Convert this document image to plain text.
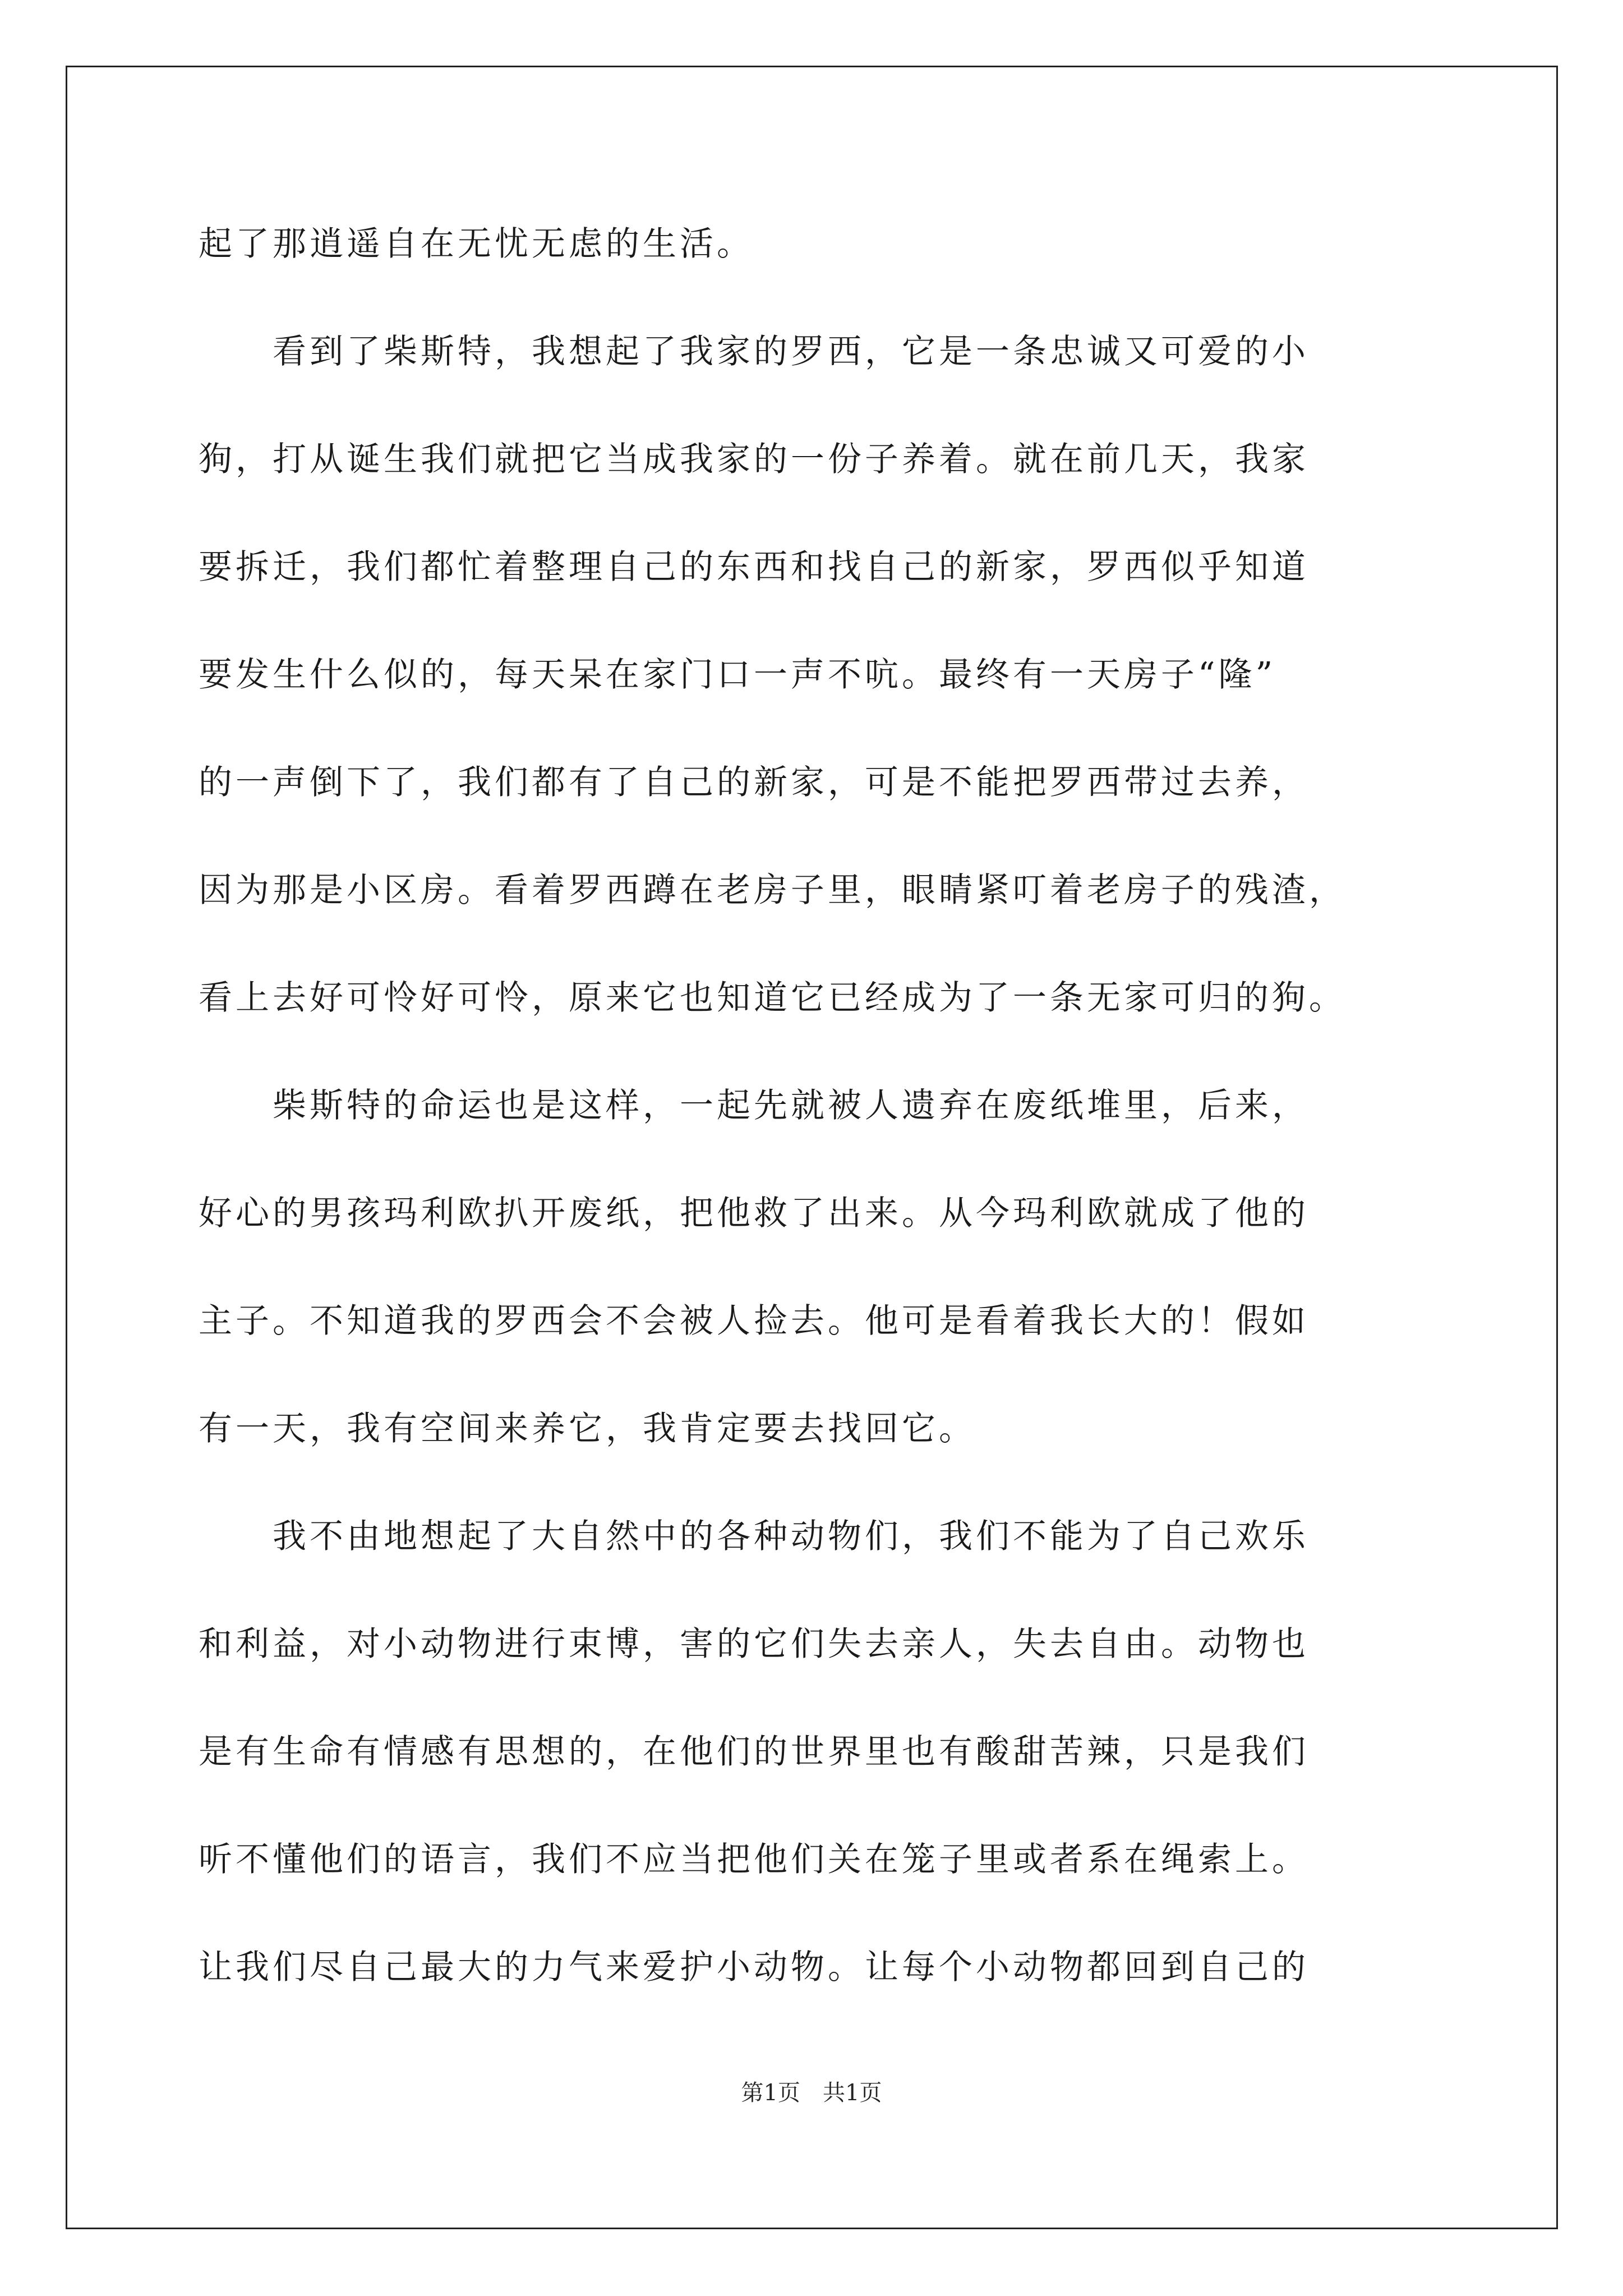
起了那逍遥自在无忧无虑的生活。
　　看到了柴斯特，我想起了我家的罗西，它是一条忠诚又可爱的小
狗，打从诞生我们就把它当成我家的一份子养着。就在前几天，我家
要拆迁，我们都忙着整理自己的东西和找自己的新家，罗西似乎知道
要发生什么似的，每天呆在家门口一声不吭。最终有一天房子“隆”
的一声倒下了，我们都有了自己的新家，可是不能把罗西带过去养，
因为那是小区房。看着罗西蹲在老房子里，眼睛紧叮着老房子的残渣，
看上去好可怜好可怜，原来它也知道它已经成为了一条无家可归的狗。
　　柴斯特的命运也是这样，一起先就被人遗弃在废纸堆里，后来，
好心的男孩玛利欧扒开废纸，把他救了出来。从今玛利欧就成了他的
主子。不知道我的罗西会不会被人捡去。他可是看着我长大的！假如
有一天，我有空间来养它，我肯定要去找回它。
　　我不由地想起了大自然中的各种动物们，我们不能为了自己欢乐
和利益，对小动物进行束博，害的它们失去亲人，失去自由。动物也
是有生命有情感有思想的，在他们的世界里也有酸甜苦辣，只是我们
听不懂他们的语言，我们不应当把他们关在笼子里或者系在绳索上。
让我们尽自己最大的力气来爱护小动物。让每个小动物都回到自己的
第1页　共1页
